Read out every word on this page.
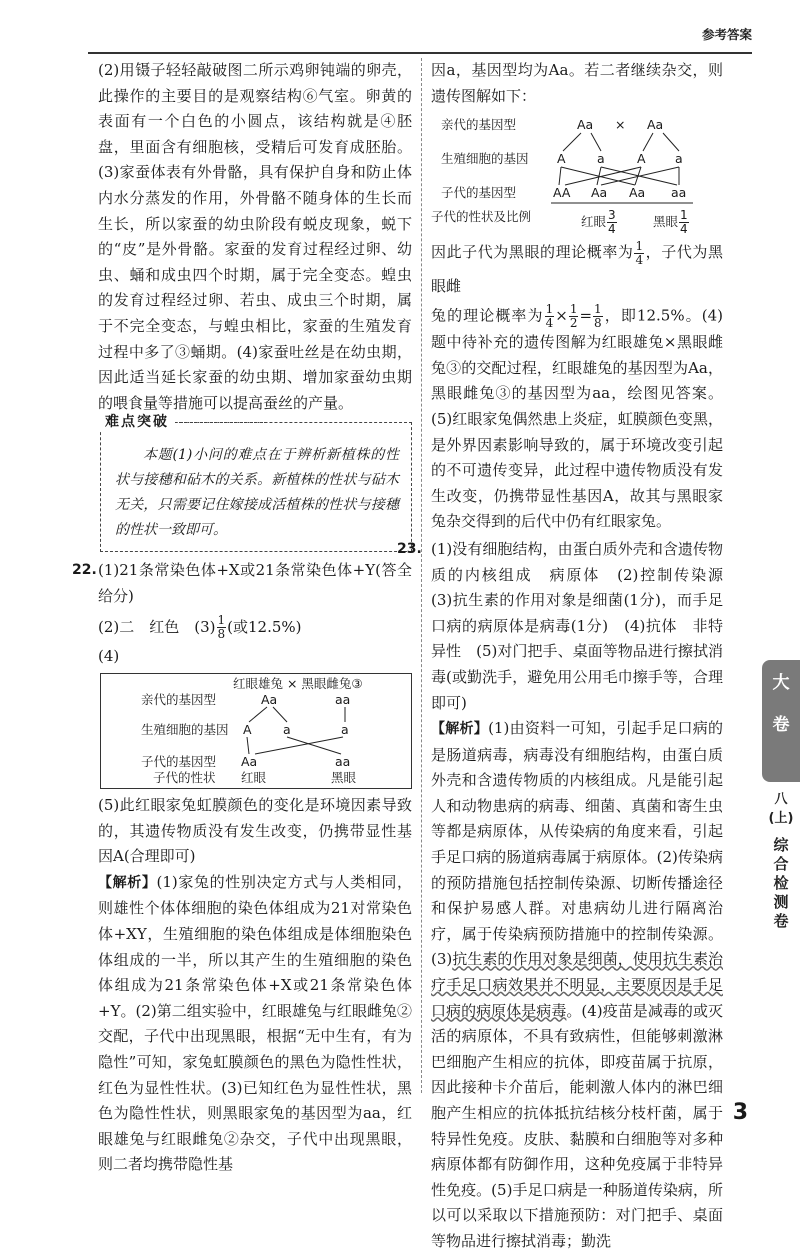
参考答案

(2)用镊子轻轻敲破图二所示鸡卵钝端的卵壳，此操作的主要目的是观察结构⑥气室。卵黄的表面有一个白色的小圆点，该结构就是④胚盘，里面含有细胞核，受精后可发育成胚胎。(3)家蚕体表有外骨骼，具有保护自身和防止体内水分蒸发的作用，外骨骼不随身体的生长而生长，所以家蚕的幼虫阶段有蜕皮现象，蜕下的“皮”是外骨骼。家蚕的发育过程经过卵、幼虫、蛹和成虫四个时期，属于完全变态。蝗虫的发育过程经过卵、若虫、成虫三个时期，属于不完全变态，与蝗虫相比，家蚕的生殖发育过程中多了③蛹期。(4)家蚕吐丝是在幼虫期，因此适当延长家蚕的幼虫期、增加家蚕幼虫期的喂食量等措施可以提高蚕丝的产量。

难点突破

本题(1)小问的难点在于辨析新植株的性状与接穗和砧木的关系。新植株的性状与砧木无关，只需要记住嫁接成活植株的性状与接穗的性状一致即可。

22. (1)21条常染色体+X或21条常染色体+Y(答全给分)

(2)二　红色　$(3) \frac{1}{8}$ (或12.5%)

(4)

红眼雄兔 × 黑眼雌兔③
亲代的基因型	Aa	aa
生殖细胞的基因 A	a	a
子代的基因型 Aa	aa
子代的性状 红眼	黑眼

(5)此红眼家兔虹膜颜色的变化是环境因素导致的，其遗传物质没有发生改变，仍携带显性基因A(合理即可)

【解析】(1)家兔的性别决定方式与人类相同，则雄性个体体细胞的染色体组成为21对常染色体+XY，生殖细胞的染色体组成是体细胞染色体组成的一半，所以其产生的生殖细胞的染色体组成为21条常染色体+X或21条常染色体+Y。(2)第二组实验中，红眼雄兔与红眼雌兔②交配，子代中出现黑眼，根据“无中生有，有为隐性”可知，家兔虹膜颜色的黑色为隐性性状，红色为显性性状。(3)已知红色为显性性状，黑色为隐性性状，则黑眼家兔的基因型为aa，红眼雄兔与红眼雌兔②杂交，子代中出现黑眼，则二者均携带隐性基

因a，基因型均为Aa。若二者继续杂交，则遗传图解如下：

亲代的基因型	Aa × Aa
生殖细胞的基因 A	a	A a
子代的基因型	AA Aa Aa aa
子代的性状及比例	红眼 $\frac{3}{4}$	黑眼 $\frac{1}{4}$

因此子代为黑眼的理论概率为 $\frac{1}{4}$ ，子代为黑眼雌

兔的理论概率为 $\frac{1}{4} \times \frac{1}{2} = \frac{1}{8}$ ，即12.5%。(4)题中待补充的遗传图解为红眼雄兔×黑眼雌兔③的交配过程，红眼雄兔的基因型为Aa，黑眼雌兔③的基因型为aa，绘图见答案。(5)红眼家兔偶然患上炎症，虹膜颜色变黑，是外界因素影响导致的，属于环境改变引起的不可遗传变异，此过程中遗传物质没有发生改变，仍携带显性基因A，故其与黑眼家兔杂交得到的后代中仍有红眼家兔。

23. (1)没有细胞结构，由蛋白质外壳和含遗传物质的内核组成　病原体　(2)控制传染源　(3)抗生素的作用对象是细菌(1分)，而手足口病的病原体是病毒(1分)　(4)抗体　非特异性　(5)对门把手、桌面等物品进行擦拭消毒(或勤洗手，避免用公用毛巾擦手等，合理即可)

【解析】(1)由资料一可知，引起手足口病的是肠道病毒，病毒没有细胞结构，由蛋白质外壳和含遗传物质的内核组成。凡是能引起人和动物患病的病毒、细菌、真菌和寄生虫等都是病原体，从传染病的角度来看，引起手足口病的肠道病毒属于病原体。(2)传染病的预防措施包括控制传染源、切断传播途径和保护易感人群。对患病幼儿进行隔离治疗，属于传染病预防措施中的控制传染源。(3)抗生素的作用对象是细菌，使用抗生素治疗手足口病效果并不明显，主要原因是手足口病的病原体是病毒。(4)疫苗是减毒的或灭活的病原体，不具有致病性，但能够刺激淋巴细胞产生相应的抗体，即疫苗属于抗原，因此接种卡介苗后，能刺激人体内的淋巴细胞产生相应的抗体抵抗结核分枝杆菌，属于特异性免疫。皮肤、黏膜和白细胞等对多种病原体都有防御作用，这种免疫属于非特异性免疫。(5)手足口病是一种肠道传染病，所以可以采取以下措施预防：对门把手、桌面等物品进行擦拭消毒；勤洗

大
卷
八(上)
综合检测卷
3
